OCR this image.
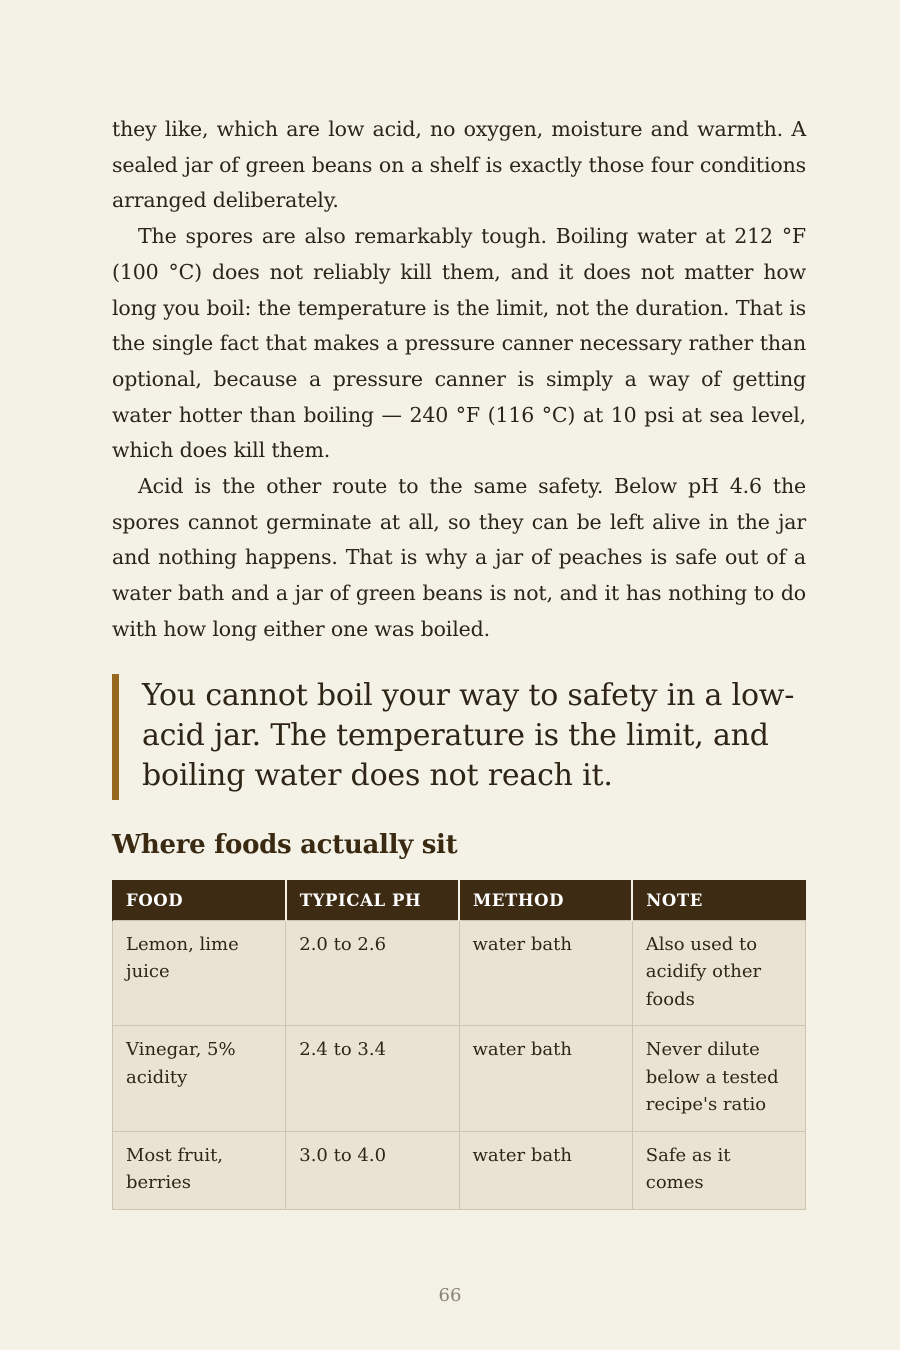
they like, which are low acid, no oxygen, moisture and warmth. A sealed jar of green beans on a shelf is exactly those four conditions arranged deliberately.

The spores are also remarkably tough. Boiling water at 212 °F (100 °C) does not reliably kill them, and it does not matter how long you boil: the temperature is the limit, not the duration. That is the single fact that makes a pressure canner necessary rather than optional, because a pressure canner is simply a way of getting water hotter than boiling — 240 °F (116 °C) at 10 psi at sea level, which does kill them.

Acid is the other route to the same safety. Below pH 4.6 the spores cannot germinate at all, so they can be left alive in the jar and nothing happens. That is why a jar of peaches is safe out of a water bath and a jar of green beans is not, and it has nothing to do with how long either one was boiled.

You cannot boil your way to safety in a low-acid jar. The temperature is the limit, and boiling water does not reach it.
Where foods actually sit
FOOD	TYPICAL PH	METHOD	NOTE
Lemon, lime juice	2.0 to 2.6	water bath	Also used to acidify other foods
Vinegar, 5% acidity	2.4 to 3.4	water bath	Never dilute below a tested recipe's ratio
Most fruit, berries	3.0 to 4.0	water bath	Safe as it comes
66
